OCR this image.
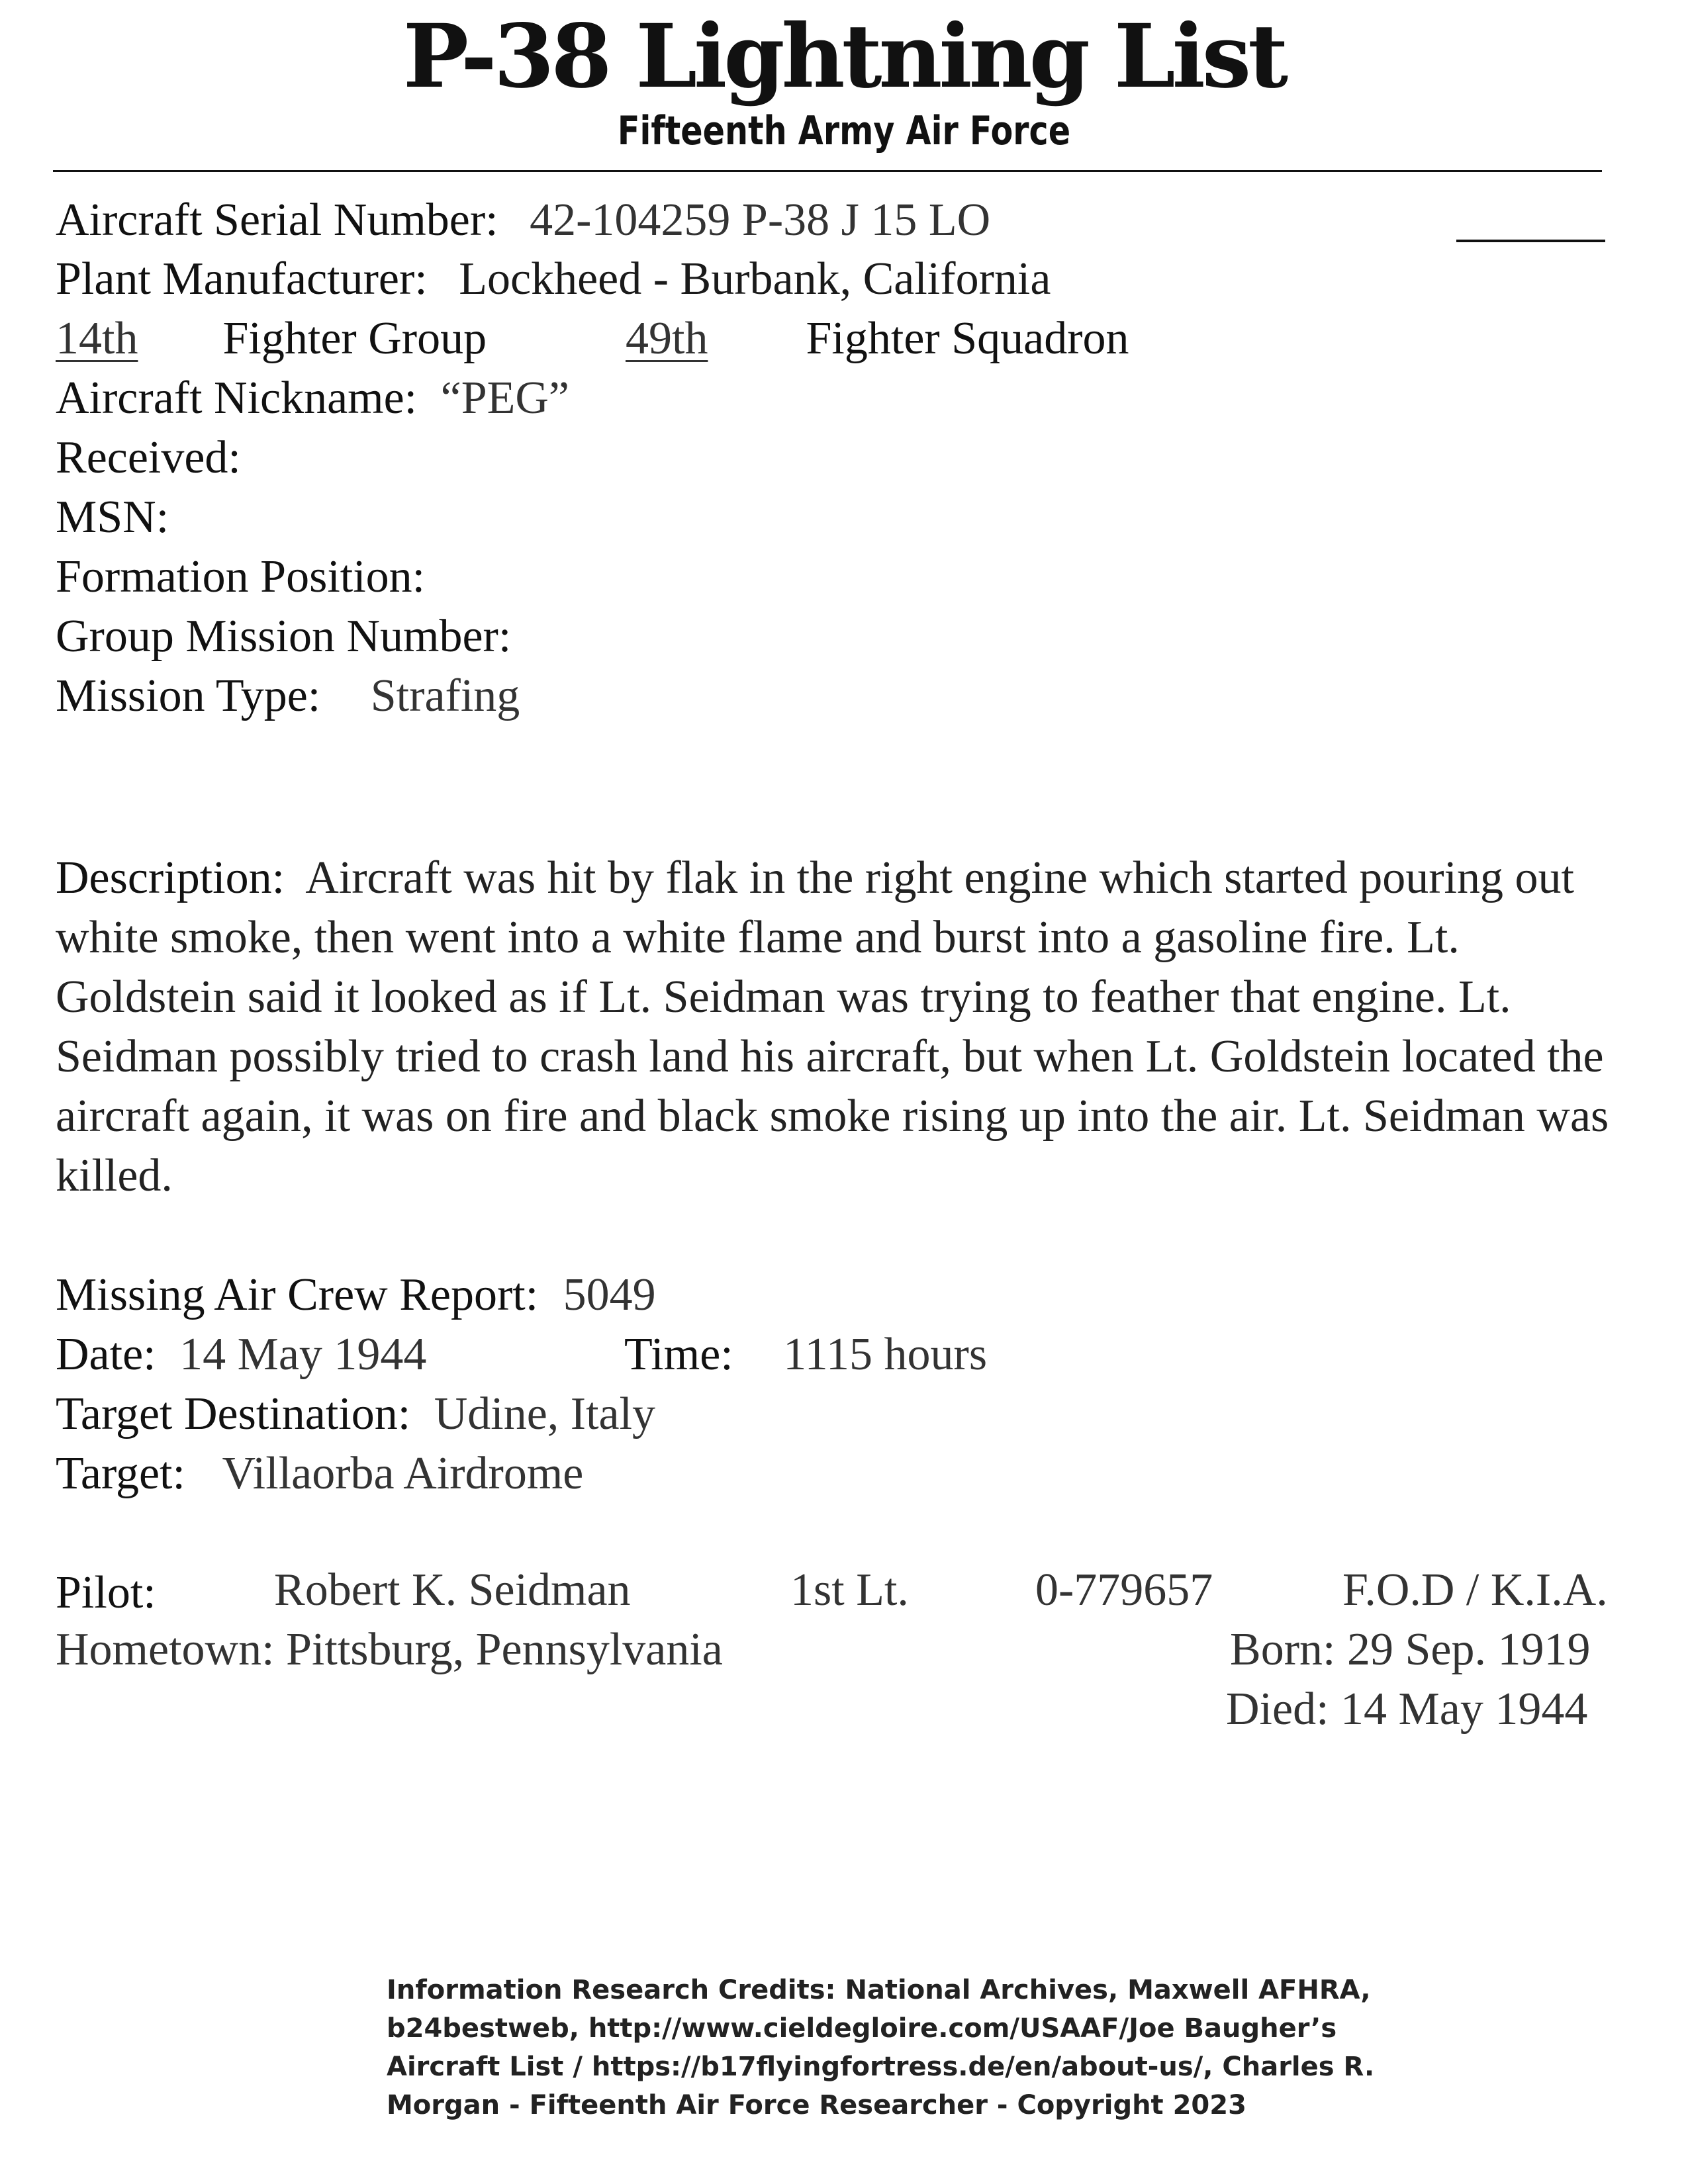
P-38 Lightning List
Fifteenth Army Air Force
Aircraft Serial Number: 42-104259 P-38 J 15 LO
Plant Manufacturer: Lockheed - Burbank, California
14th Fighter Group	49th Fighter Squadron
Aircraft Nickname: “PEG”
Received:
MSN:
Formation Position:
Group Mission Number:
Mission Type: Strafing
Description: Aircraft was hit by flak in the right engine which started pouring out white smoke, then went into a white flame and burst into a gasoline fire. Lt. Goldstein said it looked as if Lt. Seidman was trying to feather that engine. Lt. Seidman possibly tried to crash land his aircraft, but when Lt. Goldstein located the aircraft again, it was on fire and black smoke rising up into the air. Lt. Seidman was killed.
Missing Air Crew Report: 5049
Date: 14 May 1944	Time: 1115 hours
Target Destination: Udine, Italy
Target: Villaorba Airdrome
Pilot:	Robert K. Seidman	1st Lt.	0-779657	F.O.D / K.I.A.
Hometown: Pittsburg, Pennsylvania	Born: 29 Sep. 1919
Died: 14 May 1944
Information Research Credits: National Archives, Maxwell AFHRA,
b24bestweb, http://www.cieldegloire.com/USAAF/Joe Baugher’s
Aircraft List / https://b17flyingfortress.de/en/about-us/, Charles R.
Morgan - Fifteenth Air Force Researcher - Copyright 2023
